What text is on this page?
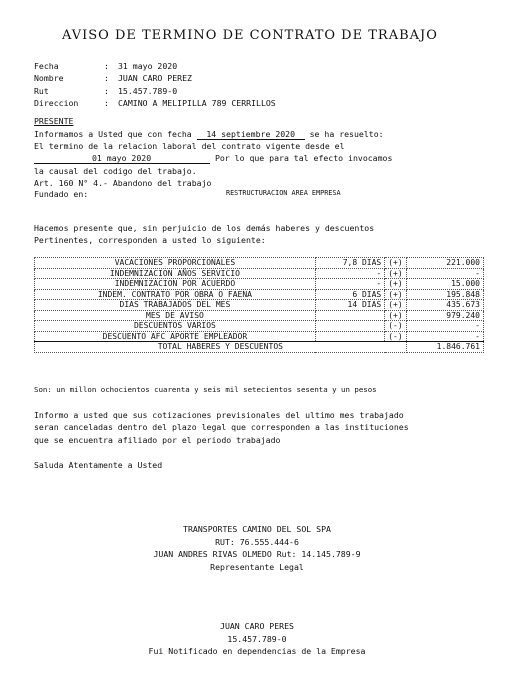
AVISO DE TERMINO DE CONTRATO DE TRABAJO
Fecha	: 31 mayo 2020
Nombre	: JUAN CARO PEREZ
Rut	: 15.457.789-0
Direccion	: CAMINO A MELIPILLA 789 CERRILLOS
PRESENTE
Informamos a Usted que con fecha 14 septiembre 2020 se ha resuelto:
El termino de la relacion laboral del contrato vigente desde el
01 mayo 2020	Por lo que para tal efecto invocamos
la causal del codigo del trabajo.
Art. 160 N° 4.- Abandono del trabajo
Fundado en:	RESTRUCTURACION AREA EMPRESA
Hacemos presente que, sin perjuicio de los demás haberes y descuentos
Pertinentes, corresponden a usted lo siguiente:
VACACIONES PROPORCIONALES	7,8 DIAS	(+)	221.000
INDEMNIZACION AÑOS SERVICIO	-	(+)	-
INDEMNIZACION POR ACUERDO	-	(+)	15.000
INDEM. CONTRATO POR OBRA O FAENA	6 DIAS	(+)	195.848
DIAS TRABAJADOS DEL MES	14 DIAS	(+)	435.673
MES DE AVISO		(+)	979.240
DESCUENTOS VARIOS		(-)	-
DESCUENTO AFC APORTE EMPLEADOR		(-)	-
TOTAL HABERES Y DESCUENTOS			1.846.761
Son: un millon ochocientos cuarenta y seis mil setecientos sesenta y un pesos
Informo a usted que sus cotizaciones previsionales del ultimo mes trabajado
seran canceladas dentro del plazo legal que corresponden a las instituciones
que se encuentra afiliado por el periodo trabajado
Saluda Atentamente a Usted
TRANSPORTES CAMINO DEL SOL SPA
RUT: 76.555.444-6
JUAN ANDRES RIVAS OLMEDO Rut: 14.145.789-9
Representante Legal
JUAN CARO PERES
15.457.789-0
Fui Notificado en dependencias de la Empresa
